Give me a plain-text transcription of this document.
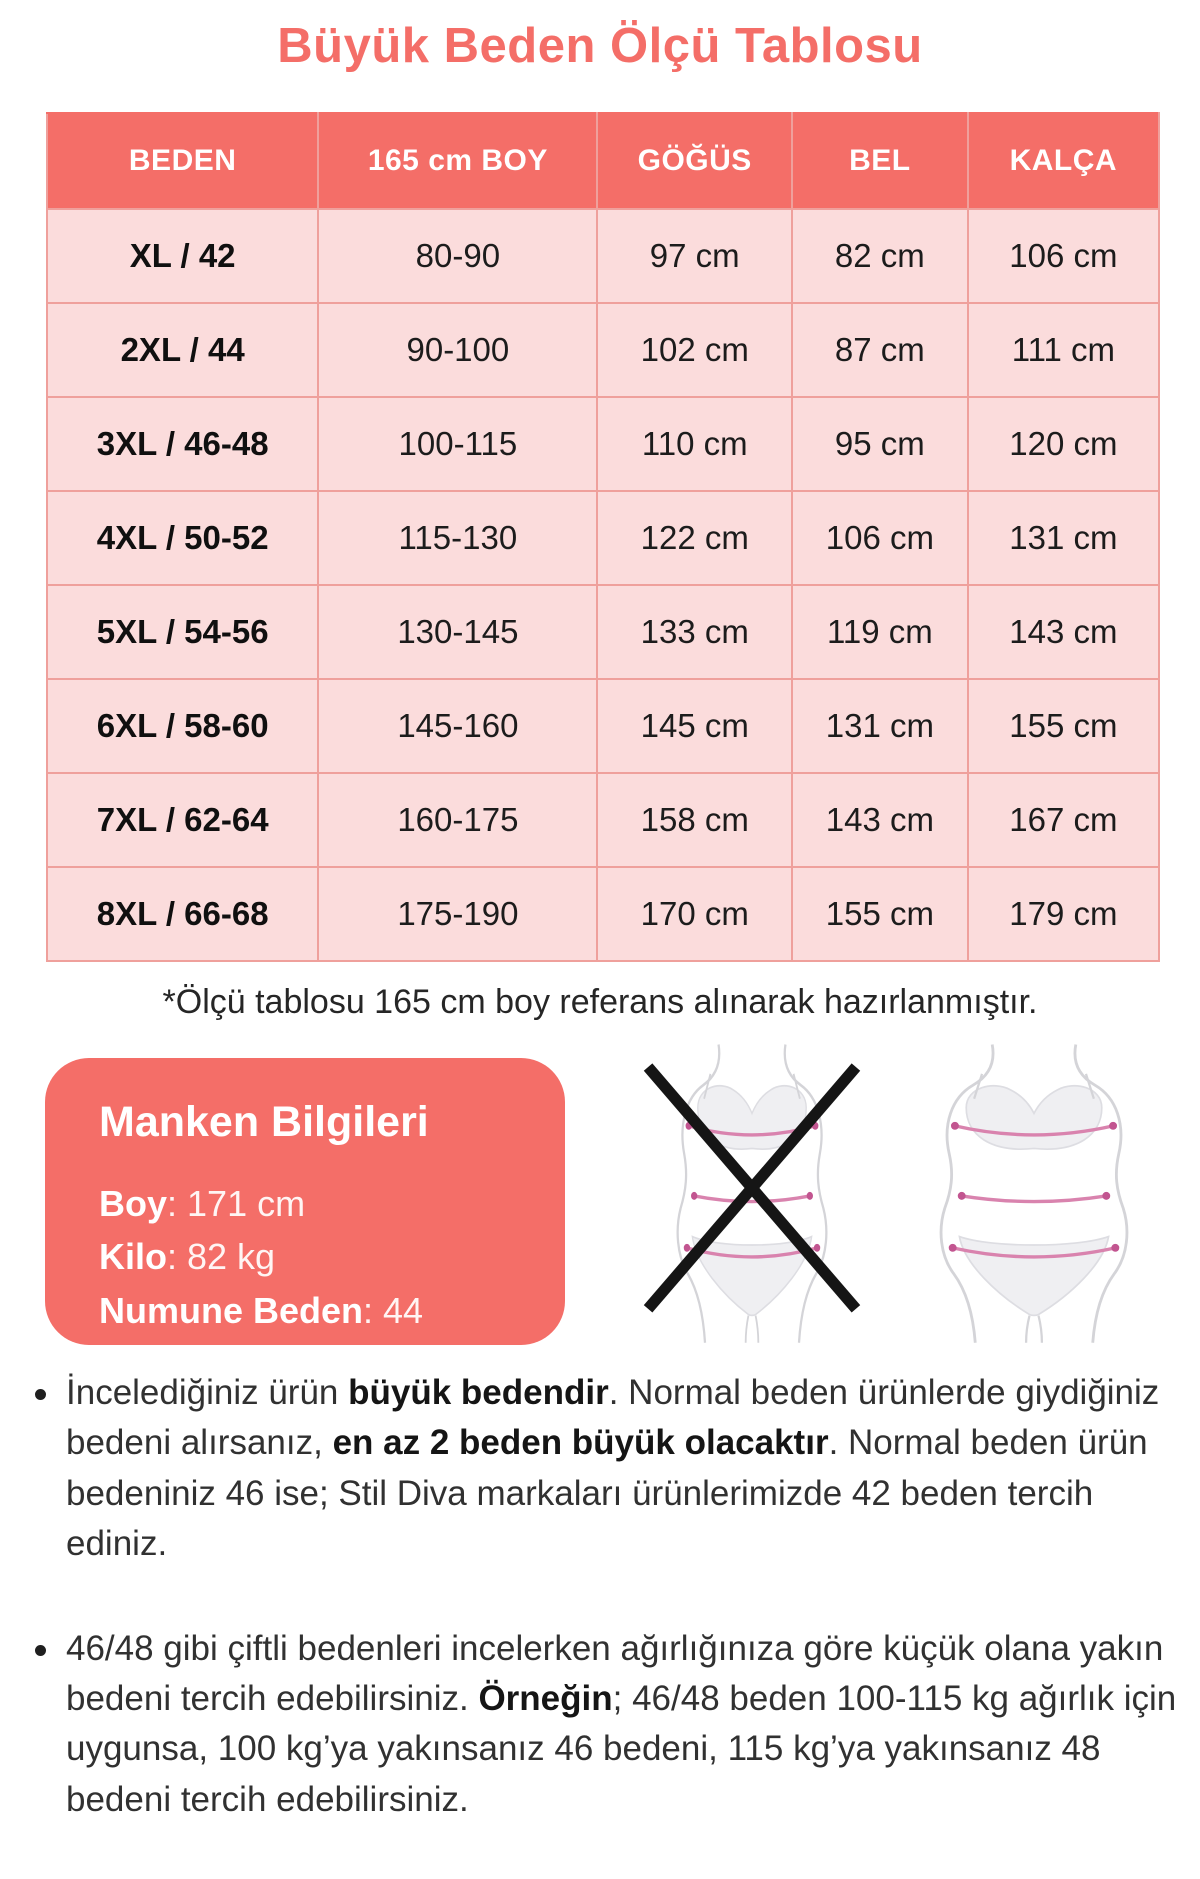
Büyük Beden Ölçü Tablosu
BEDEN	165 cm BOY	GÖĞÜS	BEL	KALÇA
XL / 42	80-90	97 cm	82 cm	106 cm
2XL / 44	90-100	102 cm	87 cm	111 cm
3XL / 46-48	100-115	110 cm	95 cm	120 cm
4XL / 50-52	115-130	122 cm	106 cm	131 cm
5XL / 54-56	130-145	133 cm	119 cm	143 cm
6XL / 58-60	145-160	145 cm	131 cm	155 cm
7XL / 62-64	160-175	158 cm	143 cm	167 cm
8XL / 66-68	175-190	170 cm	155 cm	179 cm

*Ölçü tablosu 165 cm boy referans alınarak hazırlanmıştır.

Manken Bilgileri

Boy: 171 cm
Kilo: 82 kg
Numune Beden: 44
İncelediğiniz ürün büyük bedendir. Normal beden ürünlerde giydiğiniz bedeni alırsanız, en az 2 beden büyük olacaktır. Normal beden ürün bedeniniz 46 ise; Stil Diva markaları ürünlerimizde 42 beden tercih ediniz.
46/48 gibi çiftli bedenleri incelerken ağırlığınıza göre küçük olana yakın bedeni tercih edebilirsiniz. Örneğin; 46/48 beden 100-115 kg ağırlık için uygunsa, 100 kg’ya yakınsanız 46 bedeni, 115 kg’ya yakınsanız 48 bedeni tercih edebilirsiniz.
